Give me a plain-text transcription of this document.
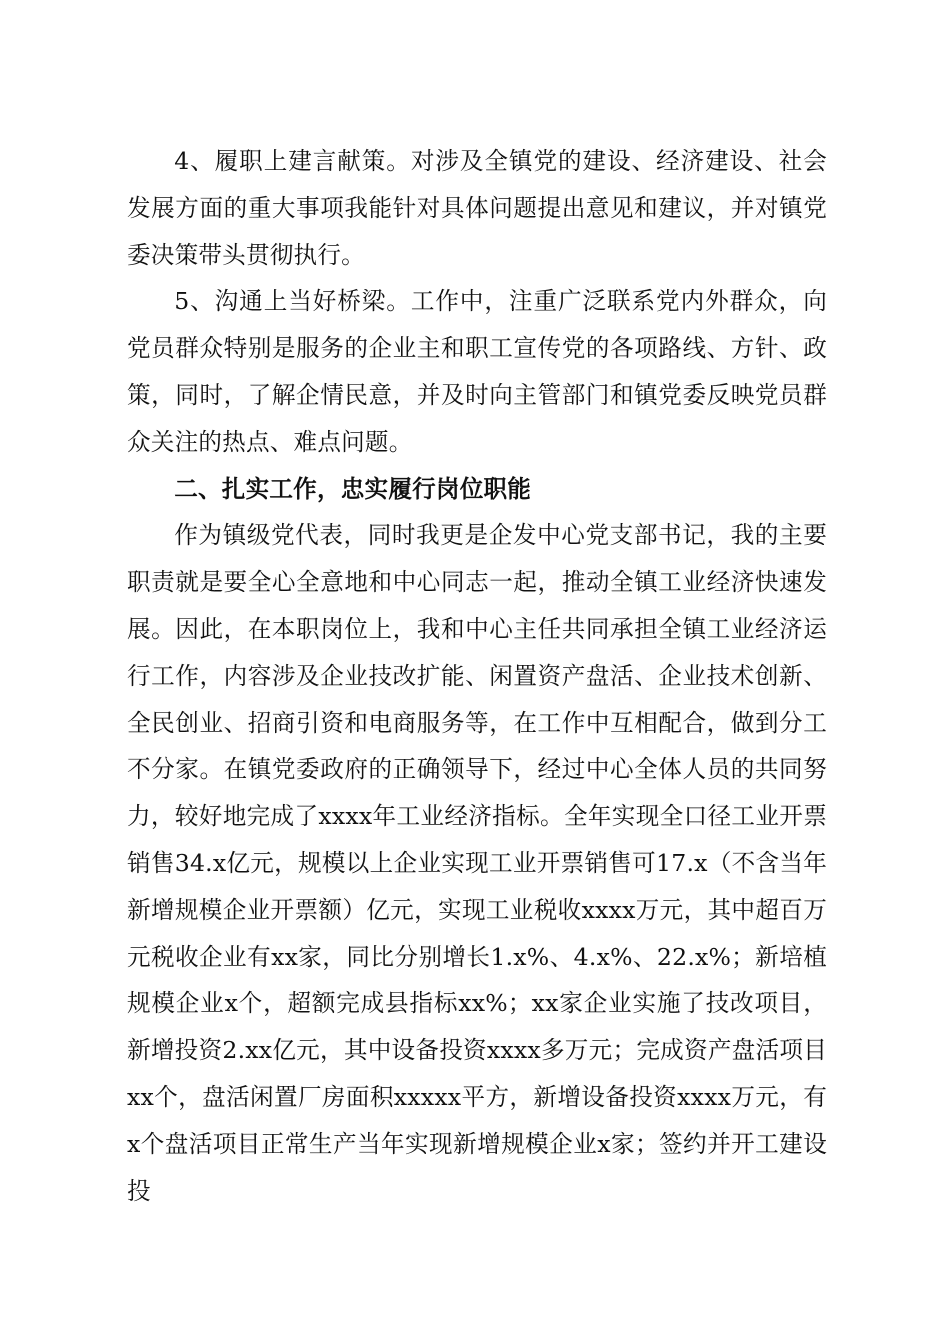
4、履职上建言献策。对涉及全镇党的建设、经济建设、社会发展方面的重大事项我能针对具体问题提出意见和建议，并对镇党委决策带头贯彻执行。

5、沟通上当好桥梁。工作中，注重广泛联系党内外群众，向党员群众特别是服务的企业主和职工宣传党的各项路线、方针、政策，同时，了解企情民意，并及时向主管部门和镇党委反映党员群众关注的热点、难点问题。

二、扎实工作，忠实履行岗位职能

作为镇级党代表，同时我更是企发中心党支部书记，我的主要职责就是要全心全意地和中心同志一起，推动全镇工业经济快速发展。因此，在本职岗位上，我和中心主任共同承担全镇工业经济运行工作，内容涉及企业技改扩能、闲置资产盘活、企业技术创新、全民创业、招商引资和电商服务等，在工作中互相配合，做到分工不分家。在镇党委政府的正确领导下，经过中心全体人员的共同努力，较好地完成了xxxx年工业经济指标。全年实现全口径工业开票销售34.x亿元，规模以上企业实现工业开票销售可17.x（不含当年新增规模企业开票额）亿元，实现工业税收xxxx万元，其中超百万元税收企业有xx家，同比分别增长1.x%、4.x%、22.x%；新培植规模企业x个，超额完成县指标xx%；xx家企业实施了技改项目，新增投资2.xx亿元，其中设备投资xxxx多万元；完成资产盘活项目xx个，盘活闲置厂房面积xxxxx平方，新增设备投资xxxx万元，有x个盘活项目正常生产当年实现新增规模企业x家；签约并开工建设投
